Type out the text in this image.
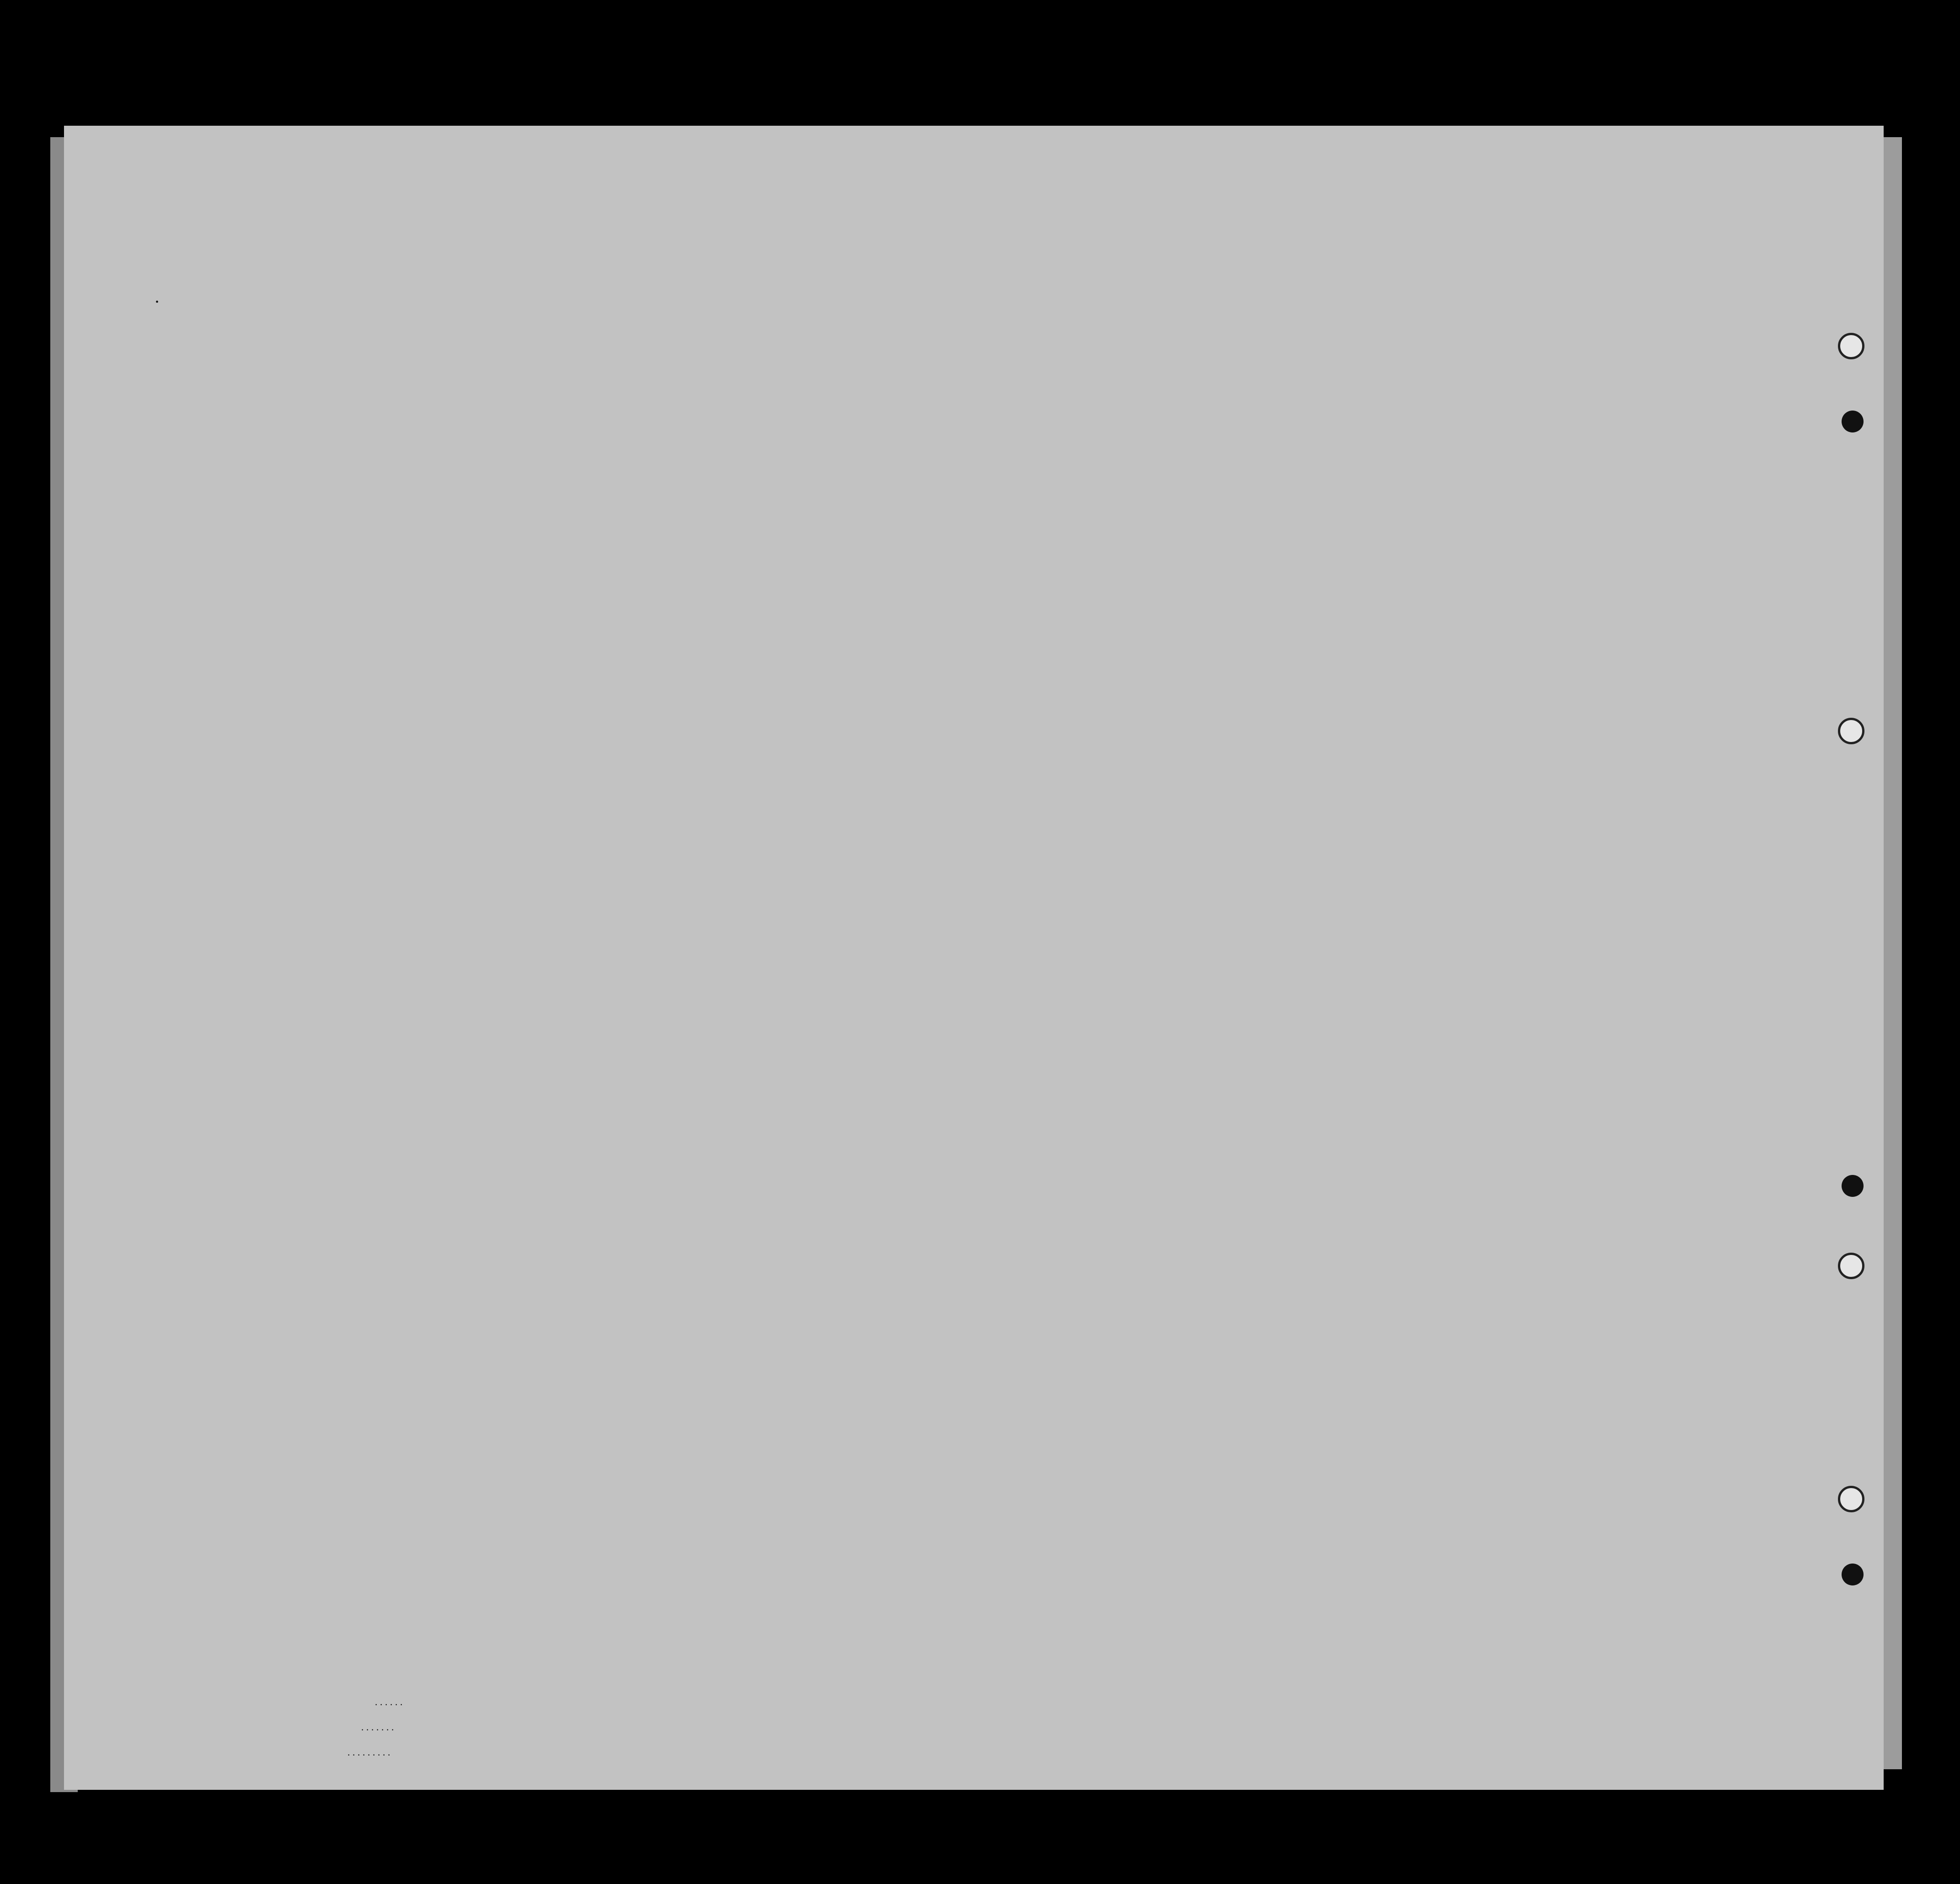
•
. . . . . .
. . . . . . .
. . . . . . . . .
